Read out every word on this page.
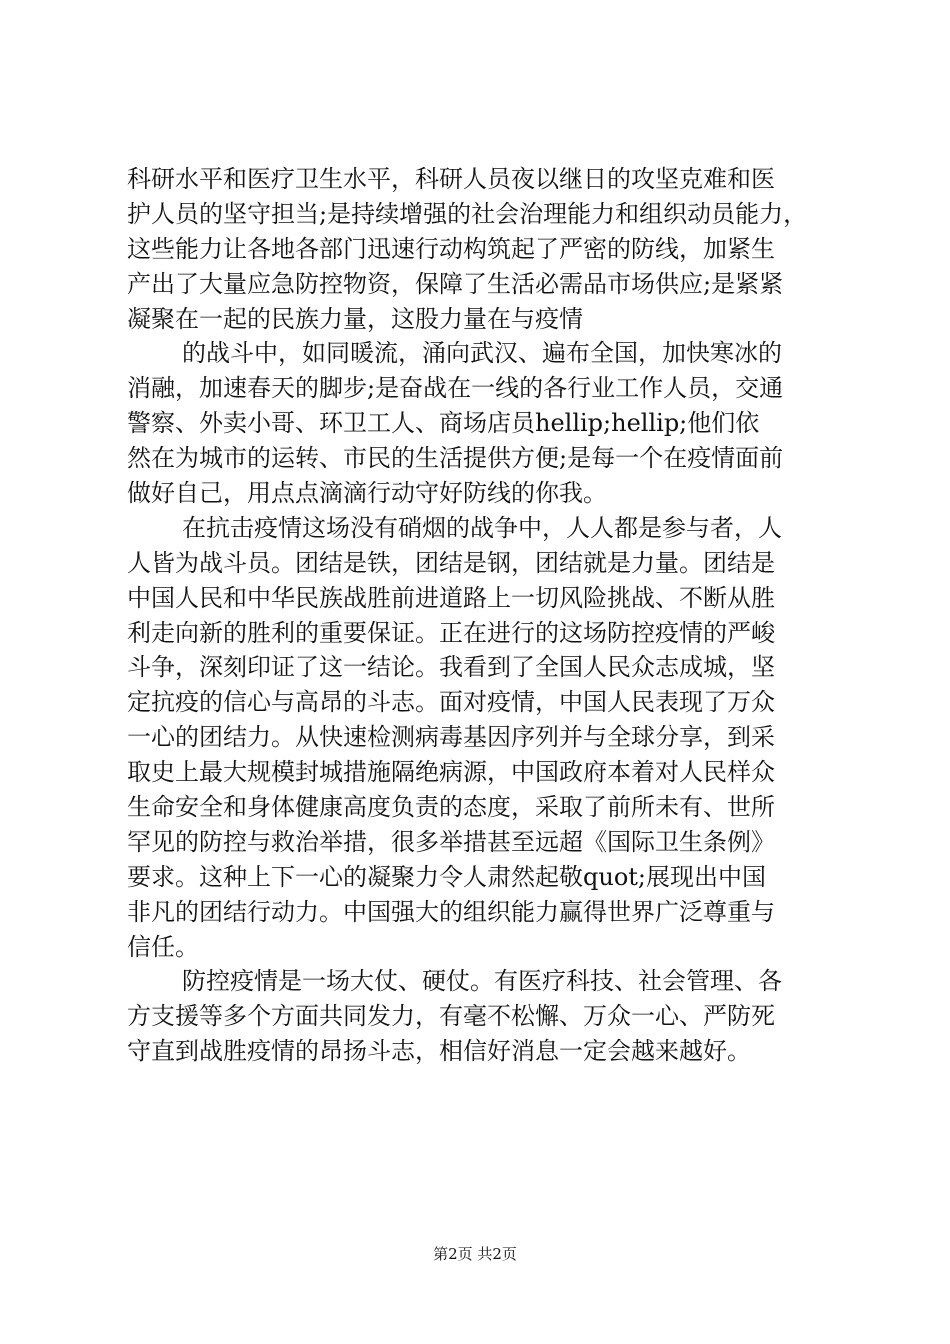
科研水平和医疗卫生水平，科研人员夜以继日的攻坚克难和医
护人员的坚守担当;是持续增强的社会治理能力和组织动员能力，
这些能力让各地各部门迅速行动构筑起了严密的防线，加紧生
产出了大量应急防控物资，保障了生活必需品市场供应;是紧紧
凝聚在一起的民族力量，这股力量在与疫情
的战斗中，如同暖流，涌向武汉、遍布全国，加快寒冰的
消融，加速春天的脚步;是奋战在一线的各行业工作人员，交通
警察、外卖小哥、环卫工人、商场店员hellip;hellip;他们依
然在为城市的运转、市民的生活提供方便;是每一个在疫情面前
做好自己，用点点滴滴行动守好防线的你我。
在抗击疫情这场没有硝烟的战争中，人人都是参与者，人
人皆为战斗员。团结是铁，团结是钢，团结就是力量。团结是
中国人民和中华民族战胜前进道路上一切风险挑战、不断从胜
利走向新的胜利的重要保证。正在进行的这场防控疫情的严峻
斗争，深刻印证了这一结论。我看到了全国人民众志成城，坚
定抗疫的信心与高昂的斗志。面对疫情，中国人民表现了万众
一心的团结力。从快速检测病毒基因序列并与全球分享，到采
取史上最大规模封城措施隔绝病源，中国政府本着对人民样众
生命安全和身体健康高度负责的态度，采取了前所未有、世所
罕见的防控与救治举措，很多举措甚至远超《国际卫生条例》
要求。这种上下一心的凝聚力令人肃然起敬quot;展现出中国
非凡的团结行动力。中国强大的组织能力赢得世界广泛尊重与
信任。
防控疫情是一场大仗、硬仗。有医疗科技、社会管理、各
方支援等多个方面共同发力，有毫不松懈、万众一心、严防死
守直到战胜疫情的昂扬斗志，相信好消息一定会越来越好。
第2页 共2页
